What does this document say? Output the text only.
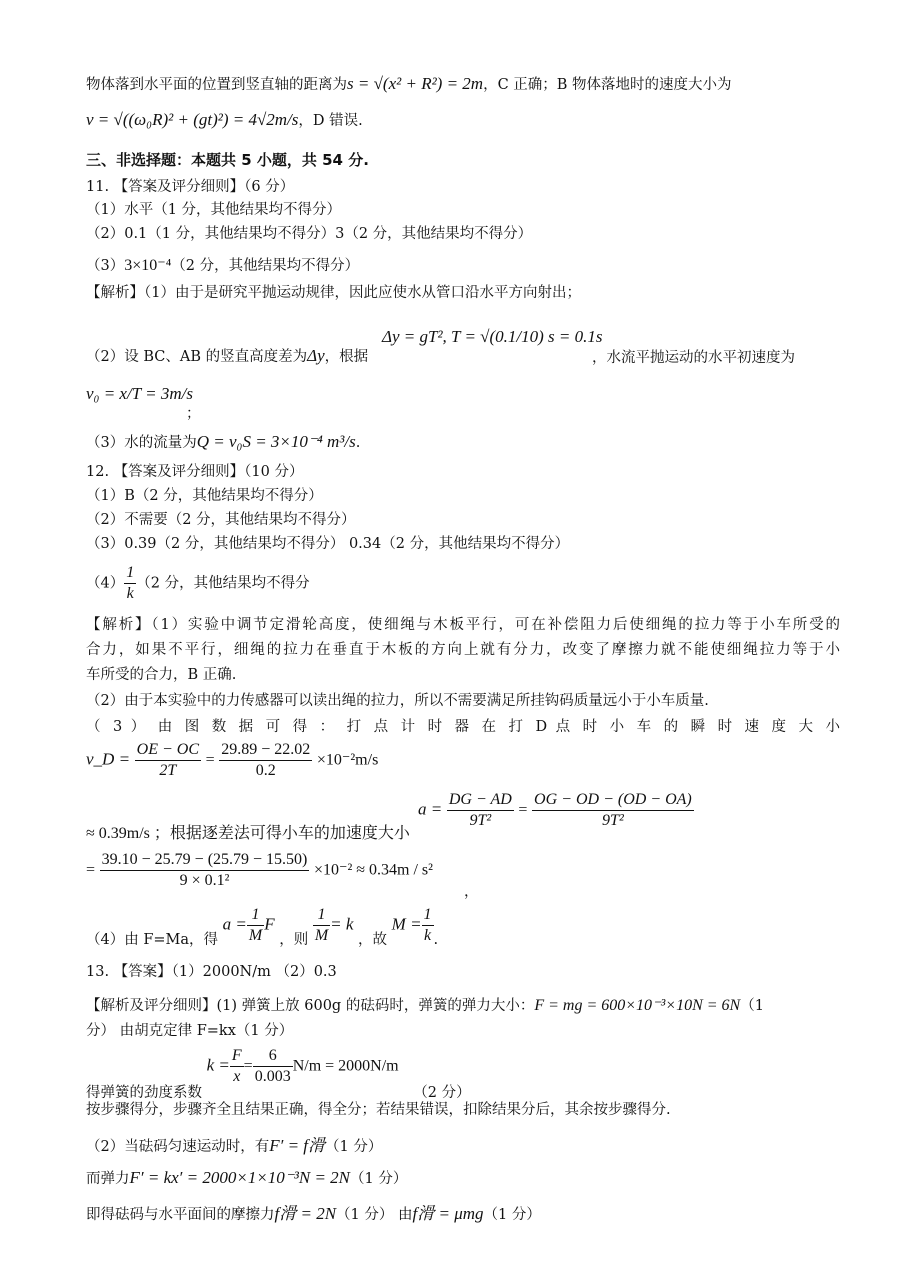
物体落到水平面的位置到竖直轴的距离为s = √(x² + R²) = 2m，C 正确；B 物体落地时的速度大小为
v = √((ω₀R)² + (gt)²) = 4√2m/s，D 错误.
三、非选择题：本题共 5 小题，共 54 分.
11. 【答案及评分细则】（6 分）
（1）水平（1 分，其他结果均不得分）
（2）0.1（1 分，其他结果均不得分）3（2 分，其他结果均不得分）
（3）3×10⁻⁴（2 分，其他结果均不得分）
【解析】（1）由于是研究平抛运动规律，因此应使水从管口沿水平方向射出；
（2）设 BC、AB 的竖直高度差为Δy，根据
Δy = gT², T = √(0.1/10) s = 0.1s
，水流平抛运动的水平初速度为
v₀ = x/T = 3m/s
；
（3）水的流量为Q = v₀S = 3×10⁻⁴ m³/s.
12. 【答案及评分细则】（10 分）
（1）B（2 分，其他结果均不得分）
（2）不需要（2 分，其他结果均不得分）
（3）0.39（2 分，其他结果均不得分） 0.34（2 分，其他结果均不得分）
$(4) \frac{1}{k} (2$ 分，其他结果均不得分
【解析】（1）实验中调节定滑轮高度，使细绳与木板平行，可在补偿阻力后使细绳的拉力等于小车所受的
合力，如果不平行，细绳的拉力在垂直于木板的方向上就有分力，改变了摩擦力就不能使细绳拉力等于小
车所受的合力，B 正确.
（2）由于本实验中的力传感器可以读出绳的拉力，所以不需要满足所挂钩码质量远小于小车质量.
（ 3 ） 由 图 数 据 可 得 ： 打 点 计 时 器 在 打 D 点 时 小 车 的 瞬 时 速 度 大 小
v_D = $\frac{OE - OC}{2T} = \frac{29.89 - 22.02}{0.2} \times 10^{-2}m/s$
≈ 0.39m/s ；根据逐差法可得小车的加速度大小
$a = \frac{DG - AD}{\text{9T²}} = \frac{OG - OD - (OD - OA)}{\text{9T²}}$
= $\frac{39.10 - 25.79 - (25.79 - 15.50)}{\text{9 × 0.1²}} \times 10^{-2} \approx 0.34m / s^2$
，
（4）由 F=Ma，得 $a = \frac{1}{M}$ F ，则 $\frac{1}{M} = k$ ，故 $M = \frac{1}{k}$ .
13. 【答案】（1）2000N/m （2）0.3
【解析及评分细则】(1) 弹簧上放 600g 的砝码时，弹簧的弹力大小：F = mg = 600×10⁻³×10N = 6N（1
分） 由胡克定律 F=kx（1 分）
得弹簧的劲度系数 $k = \frac{F}{x} = \frac{6}{0.003} N/m = 2000N/m$ （2 分）
按步骤得分，步骤齐全且结果正确，得全分；若结果错误，扣除结果分后，其余按步骤得分.
（2）当砝码匀速运动时，有F′ = f滑（1 分）
而弹力F′ = kx′ = 2000×1×10⁻³N = 2N（1 分）
即得砝码与水平面间的摩擦力f滑 = 2N（1 分） 由f滑 = μmg（1 分）
